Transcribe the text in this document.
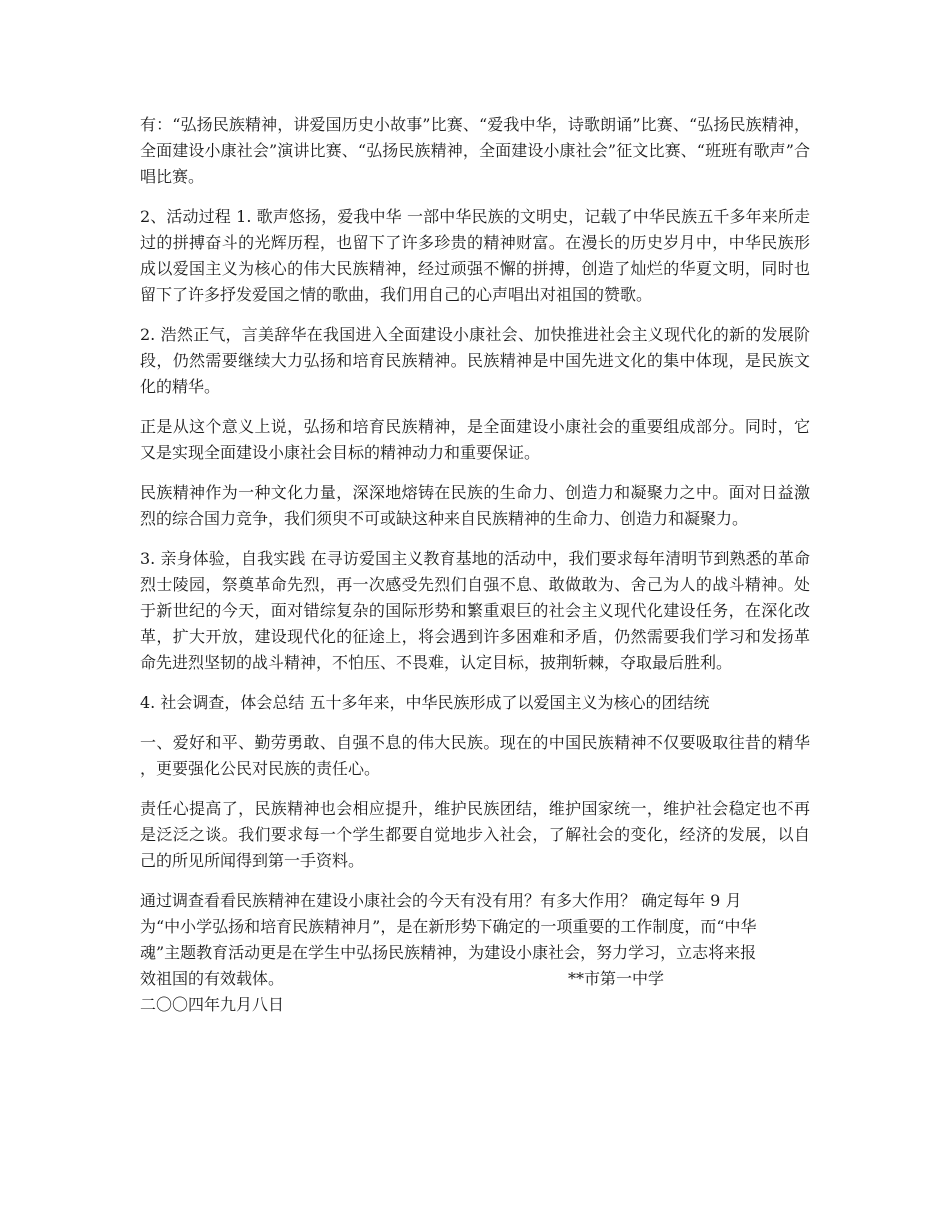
有：“弘扬民族精神，讲爱国历史小故事”比赛、“爱我中华，诗歌朗诵”比赛、“弘扬民族精神，全面建设小康社会”演讲比赛、“弘扬民族精神，全面建设小康社会”征文比赛、“班班有歌声”合唱比赛。

2、活动过程 1. 歌声悠扬，爱我中华 一部中华民族的文明史，记载了中华民族五千多年来所走过的拼搏奋斗的光辉历程，也留下了许多珍贵的精神财富。在漫长的历史岁月中，中华民族形成以爱国主义为核心的伟大民族精神，经过顽强不懈的拼搏，创造了灿烂的华夏文明，同时也留下了许多抒发爱国之情的歌曲，我们用自己的心声唱出对祖国的赞歌。

2. 浩然正气，言美辞华在我国进入全面建设小康社会、加快推进社会主义现代化的新的发展阶段，仍然需要继续大力弘扬和培育民族精神。民族精神是中国先进文化的集中体现，是民族文化的精华。

正是从这个意义上说，弘扬和培育民族精神，是全面建设小康社会的重要组成部分。同时，它又是实现全面建设小康社会目标的精神动力和重要保证。

民族精神作为一种文化力量，深深地熔铸在民族的生命力、创造力和凝聚力之中。面对日益激烈的综合国力竞争，我们须臾不可或缺这种来自民族精神的生命力、创造力和凝聚力。

3. 亲身体验，自我实践 在寻访爱国主义教育基地的活动中，我们要求每年清明节到熟悉的革命烈士陵园，祭奠革命先烈，再一次感受先烈们自强不息、敢做敢为、舍己为人的战斗精神。处于新世纪的今天，面对错综复杂的国际形势和繁重艰巨的社会主义现代化建设任务，在深化改革，扩大开放，建设现代化的征途上，将会遇到许多困难和矛盾，仍然需要我们学习和发扬革命先进烈坚韧的战斗精神，不怕压、不畏难，认定目标，披荆斩棘，夺取最后胜利。

4. 社会调查，体会总结 五十多年来，中华民族形成了以爱国主义为核心的团结统

一、爱好和平、勤劳勇敢、自强不息的伟大民族。现在的中国民族精神不仅要吸取往昔的精华，更要强化公民对民族的责任心。

责任心提高了，民族精神也会相应提升，维护民族团结，维护国家统一，维护社会稳定也不再是泛泛之谈。我们要求每一个学生都要自觉地步入社会，了解社会的变化，经济的发展，以自己的所见所闻得到第一手资料。

通过调查看看民族精神在建设小康社会的今天有没有用？有多大作用？ 确定每年 9 月
为“中小学弘扬和培育民族精神月”，是在新形势下确定的一项重要的工作制度，而“中华
魂”主题教育活动更是在学生中弘扬民族精神，为建设小康社会，努力学习，立志将来报
效祖国的有效载体。	**市第一中学
二〇〇四年九月八日
